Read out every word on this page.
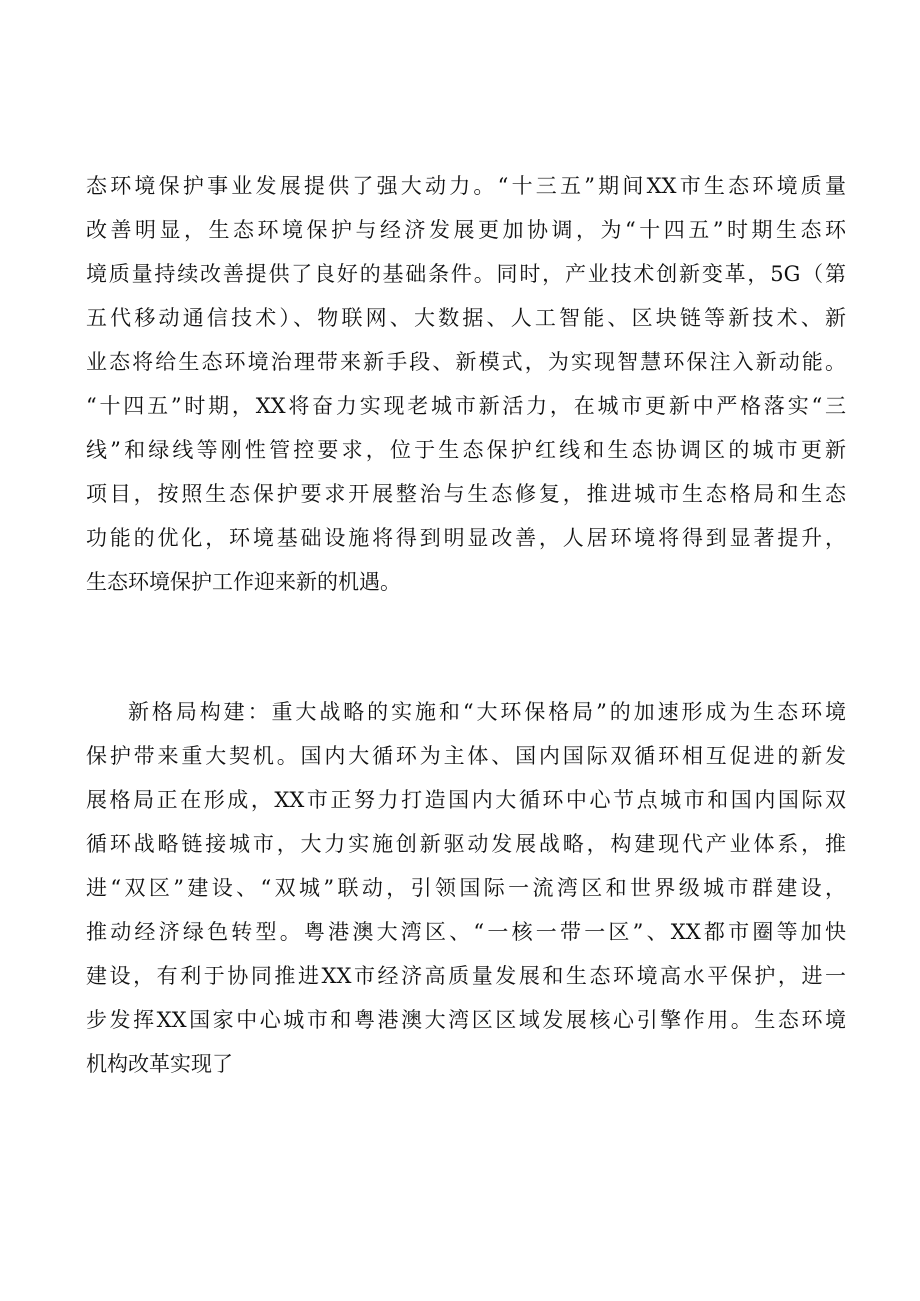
态环境保护事业发展提供了强大动力。“十三五”期间XX市生态环境质量
改善明显，生态环境保护与经济发展更加协调，为“十四五”时期生态环
境质量持续改善提供了良好的基础条件。同时，产业技术创新变革，5G（第
五代移动通信技术）、物联网、大数据、人工智能、区块链等新技术、新
业态将给生态环境治理带来新手段、新模式，为实现智慧环保注入新动能。
“十四五”时期，XX将奋力实现老城市新活力，在城市更新中严格落实“三
线”和绿线等刚性管控要求，位于生态保护红线和生态协调区的城市更新
项目，按照生态保护要求开展整治与生态修复，推进城市生态格局和生态
功能的优化，环境基础设施将得到明显改善，人居环境将得到显著提升，
生态环境保护工作迎来新的机遇。
新格局构建：重大战略的实施和“大环保格局”的加速形成为生态环境
保护带来重大契机。国内大循环为主体、国内国际双循环相互促进的新发
展格局正在形成，XX市正努力打造国内大循环中心节点城市和国内国际双
循环战略链接城市，大力实施创新驱动发展战略，构建现代产业体系，推
进“双区”建设、“双城”联动，引领国际一流湾区和世界级城市群建设，
推动经济绿色转型。粤港澳大湾区、“一核一带一区”、XX都市圈等加快
建设，有利于协同推进XX市经济高质量发展和生态环境高水平保护，进一
步发挥XX国家中心城市和粤港澳大湾区区域发展核心引擎作用。生态环境
机构改革实现了
